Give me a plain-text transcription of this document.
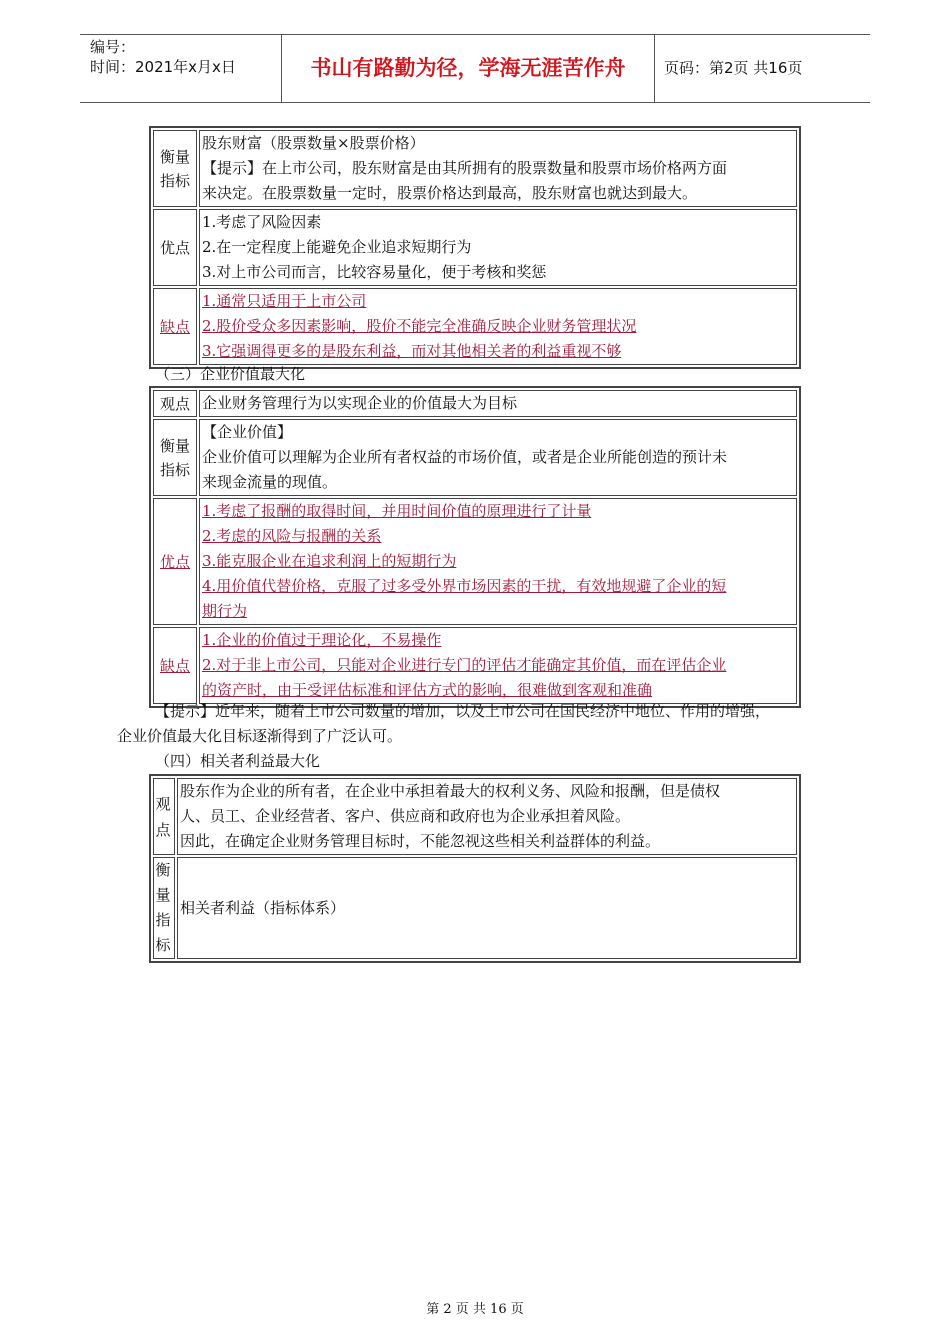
编号：
时间：2021年x月x日	书山有路勤为径，学海无涯苦作舟	页码：第2页 共16页
衡量指标	股东财富（股票数量×股票价格）
【提示】在上市公司，股东财富是由其所拥有的股票数量和股票市场价格两方面
来决定。在股票数量一定时，股票价格达到最高，股东财富也就达到最大。

优点	1.考虑了风险因素
2.在一定程度上能避免企业追求短期行为
3.对上市公司而言，比较容易量化，便于考核和奖惩

缺点	1.通常只适用于上市公司
2.股价受众多因素影响，股价不能完全准确反映企业财务管理状况
3.它强调得更多的是股东利益，而对其他相关者的利益重视不够
（三）企业价值最大化
观点	企业财务管理行为以实现企业的价值最大为目标
衡量指标	【企业价值】
企业价值可以理解为企业所有者权益的市场价值，或者是企业所能创造的预计未
来现金流量的现值。

优点	1.考虑了报酬的取得时间，并用时间价值的原理进行了计量
2.考虑的风险与报酬的关系
3.能克服企业在追求利润上的短期行为
4.用价值代替价格，克服了过多受外界市场因素的干扰，有效地规避了企业的短
期行为

缺点	1.企业的价值过于理论化，不易操作
2.对于非上市公司，只能对企业进行专门的评估才能确定其价值，而在评估企业
的资产时，由于受评估标准和评估方式的影响，很难做到客观和准确
【提示】近年来，随着上市公司数量的增加，以及上市公司在国民经济中地位、作用的增强，
企业价值最大化目标逐渐得到了广泛认可。
（四）相关者利益最大化
观点	股东作为企业的所有者，在企业中承担着最大的权利义务、风险和报酬，但是债权
人、员工、企业经营者、客户、供应商和政府也为企业承担着风险。
因此，在确定企业财务管理目标时，不能忽视这些相关利益群体的利益。

衡量指标	相关者利益（指标体系）
第 2 页 共 16 页
